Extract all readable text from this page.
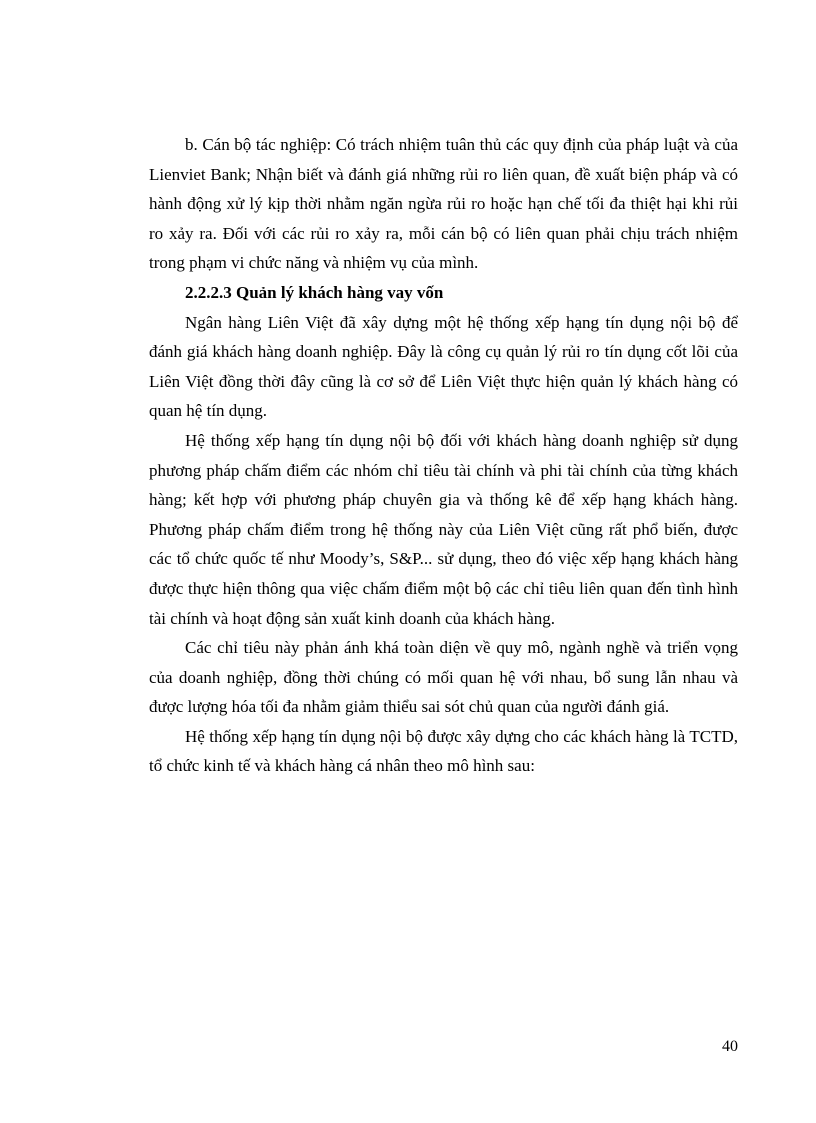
b. Cán bộ tác nghiệp: Có trách nhiệm tuân thủ các quy định của pháp luật và của Lienviet Bank; Nhận biết và đánh giá những rủi ro liên quan, đề xuất biện pháp và có hành động xử lý kịp thời nhằm ngăn ngừa rủi ro hoặc hạn chế tối đa thiệt hại khi rủi ro xảy ra. Đối với các rủi ro xảy ra, mỗi cán bộ có liên quan phải chịu trách nhiệm trong phạm vi chức năng và nhiệm vụ của mình.

2.2.2.3 Quản lý khách hàng vay vốn

Ngân hàng Liên Việt đã xây dựng một hệ thống xếp hạng tín dụng nội bộ để đánh giá khách hàng doanh nghiệp. Đây là công cụ quản lý rủi ro tín dụng cốt lõi của Liên Việt đồng thời đây cũng là cơ sở để Liên Việt thực hiện quản lý khách hàng có quan hệ tín dụng.

Hệ thống xếp hạng tín dụng nội bộ đối với khách hàng doanh nghiệp sử dụng phương pháp chấm điểm các nhóm chỉ tiêu tài chính và phi tài chính của từng khách hàng; kết hợp với phương pháp chuyên gia và thống kê để xếp hạng khách hàng. Phương pháp chấm điểm trong hệ thống này của Liên Việt cũng rất phổ biến, được các tổ chức quốc tế như Moody’s, S&P... sử dụng, theo đó việc xếp hạng khách hàng được thực hiện thông qua việc chấm điểm một bộ các chỉ tiêu liên quan đến tình hình tài chính và hoạt động sản xuất kinh doanh của khách hàng.

Các chỉ tiêu này phản ánh khá toàn diện về quy mô, ngành nghề và triển vọng của doanh nghiệp, đồng thời chúng có mối quan hệ với nhau, bổ sung lẫn nhau và được lượng hóa tối đa nhằm giảm thiểu sai sót chủ quan của người đánh giá.

Hệ thống xếp hạng tín dụng nội bộ được xây dựng cho các khách hàng là TCTD, tổ chức kinh tế và khách hàng cá nhân theo mô hình sau:

40
